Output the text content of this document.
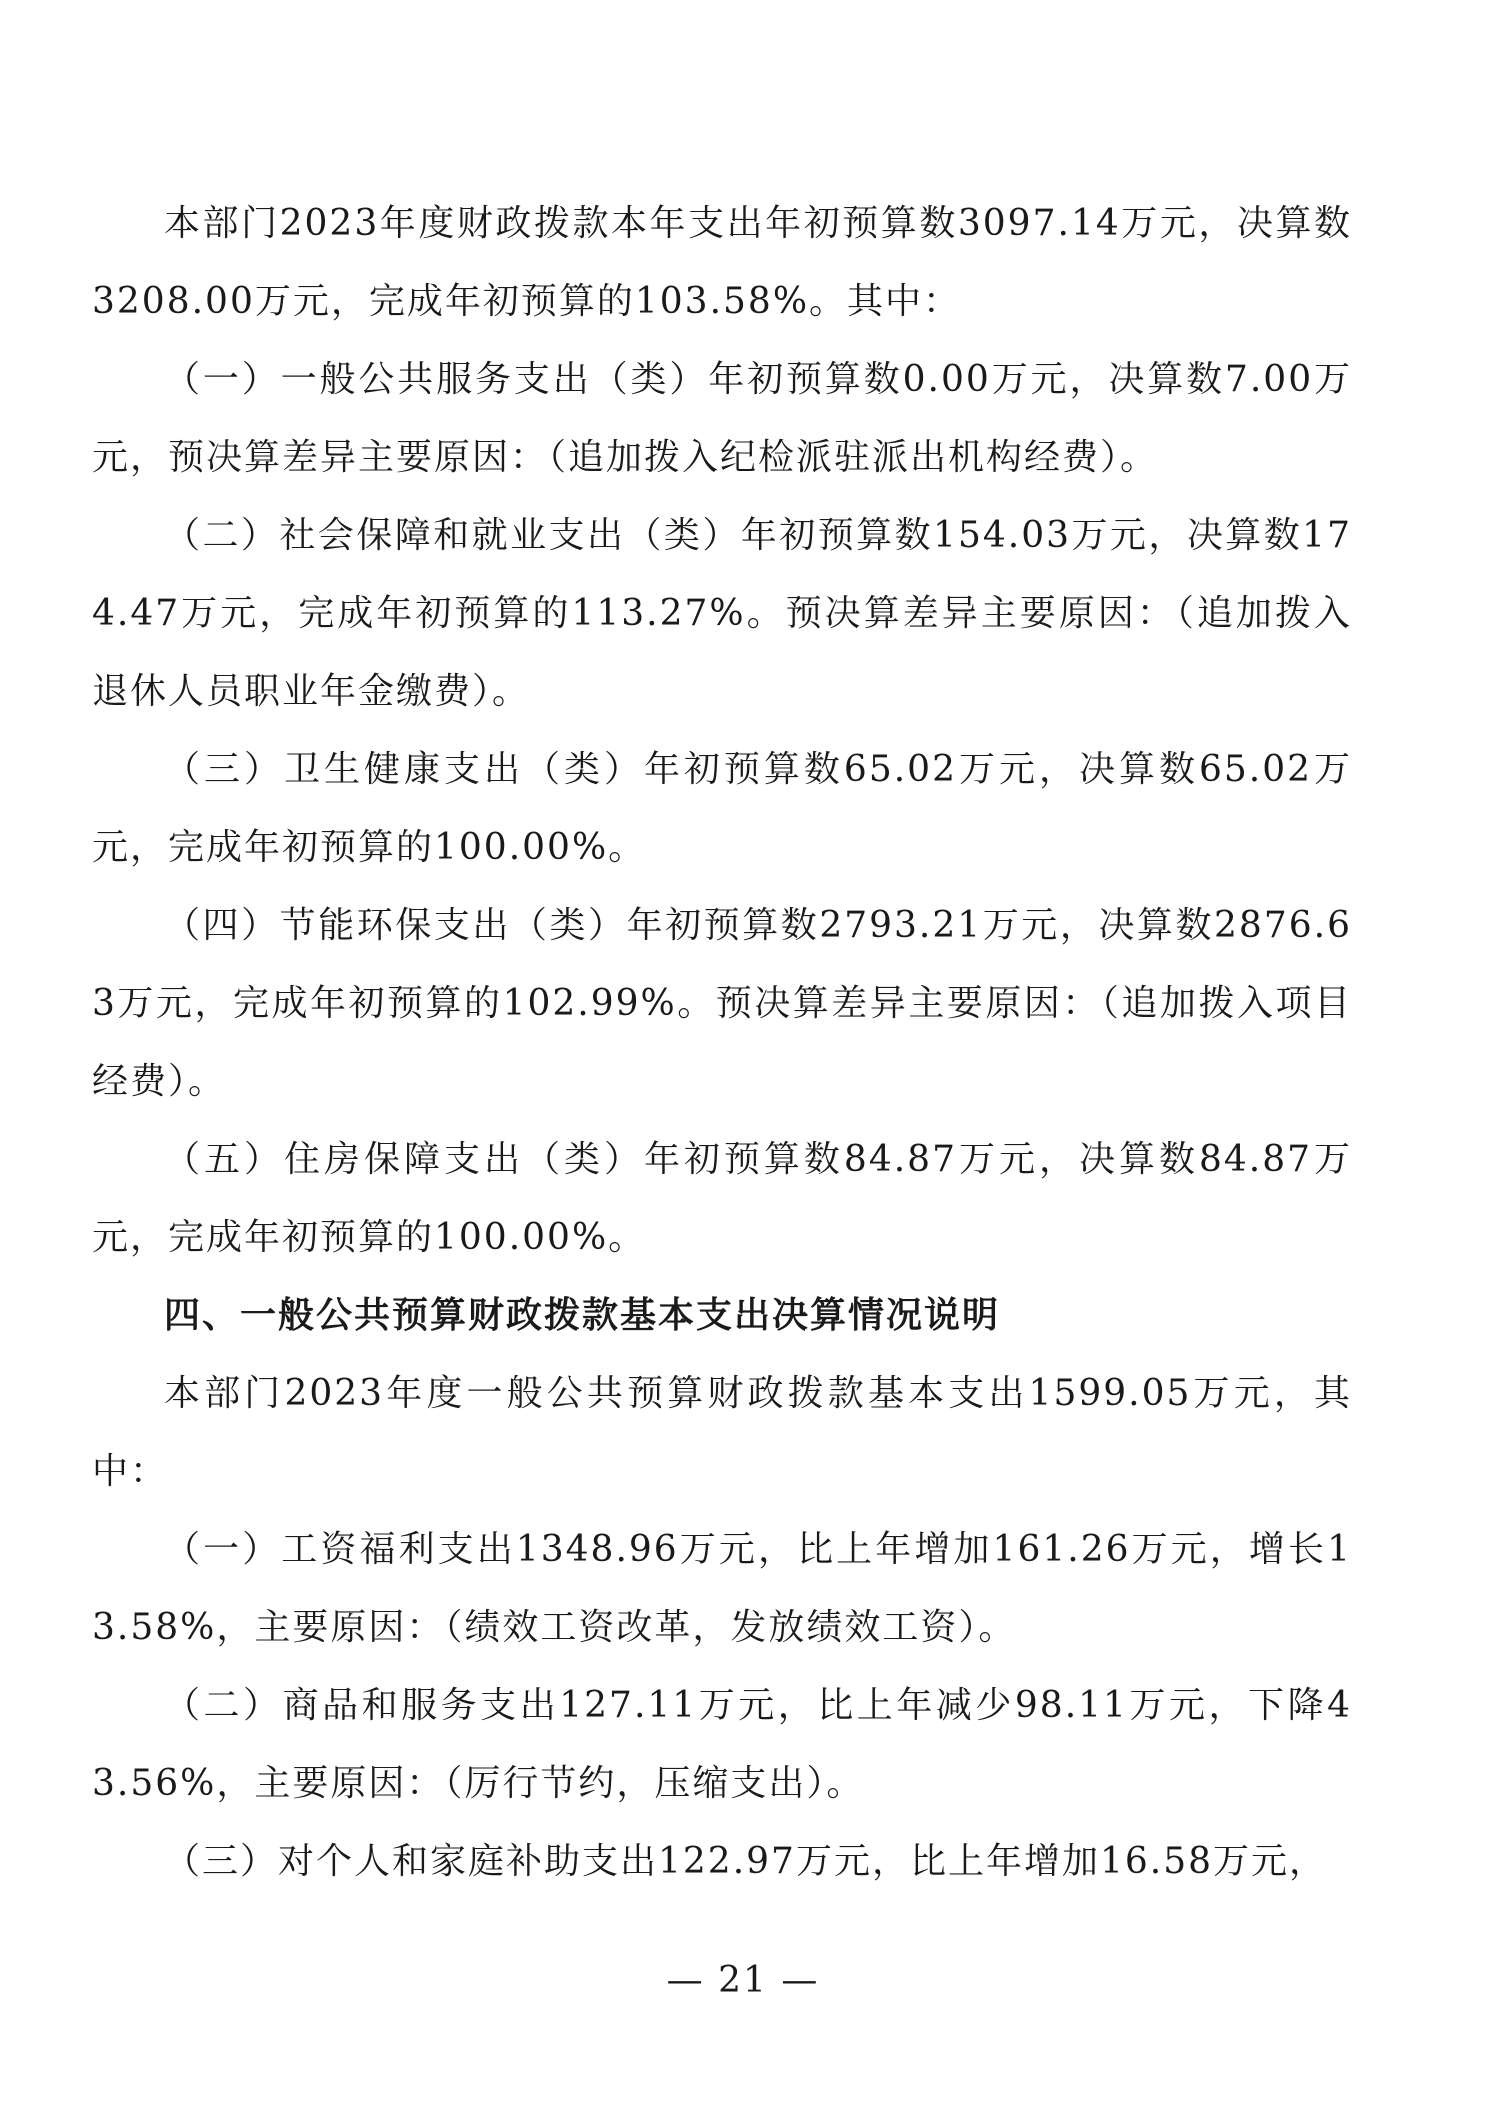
本部门2023年度财政拨款本年支出年初预算数3097.14万元，决算数3208.00万元，完成年初预算的103.58%。其中：

（一）一般公共服务支出（类）年初预算数0.00万元，决算数7.00万元，预决算差异主要原因：（追加拨入纪检派驻派出机构经费）。

（二）社会保障和就业支出（类）年初预算数154.03万元，决算数174.47万元，完成年初预算的113.27%。预决算差异主要原因：（追加拨入退休人员职业年金缴费）。

（三）卫生健康支出（类）年初预算数65.02万元，决算数65.02万元，完成年初预算的100.00%。

（四）节能环保支出（类）年初预算数2793.21万元，决算数2876.63万元，完成年初预算的102.99%。预决算差异主要原因：（追加拨入项目经费）。

（五）住房保障支出（类）年初预算数84.87万元，决算数84.87万元，完成年初预算的100.00%。

四、一般公共预算财政拨款基本支出决算情况说明

本部门2023年度一般公共预算财政拨款基本支出1599.05万元，其中：

（一）工资福利支出1348.96万元，比上年增加161.26万元，增长13.58%，主要原因：（绩效工资改革，发放绩效工资）。

（二）商品和服务支出127.11万元，比上年减少98.11万元，下降43.56%，主要原因：（厉行节约，压缩支出）。

（三）对个人和家庭补助支出122.97万元，比上年增加16.58万元，

— 21 —
